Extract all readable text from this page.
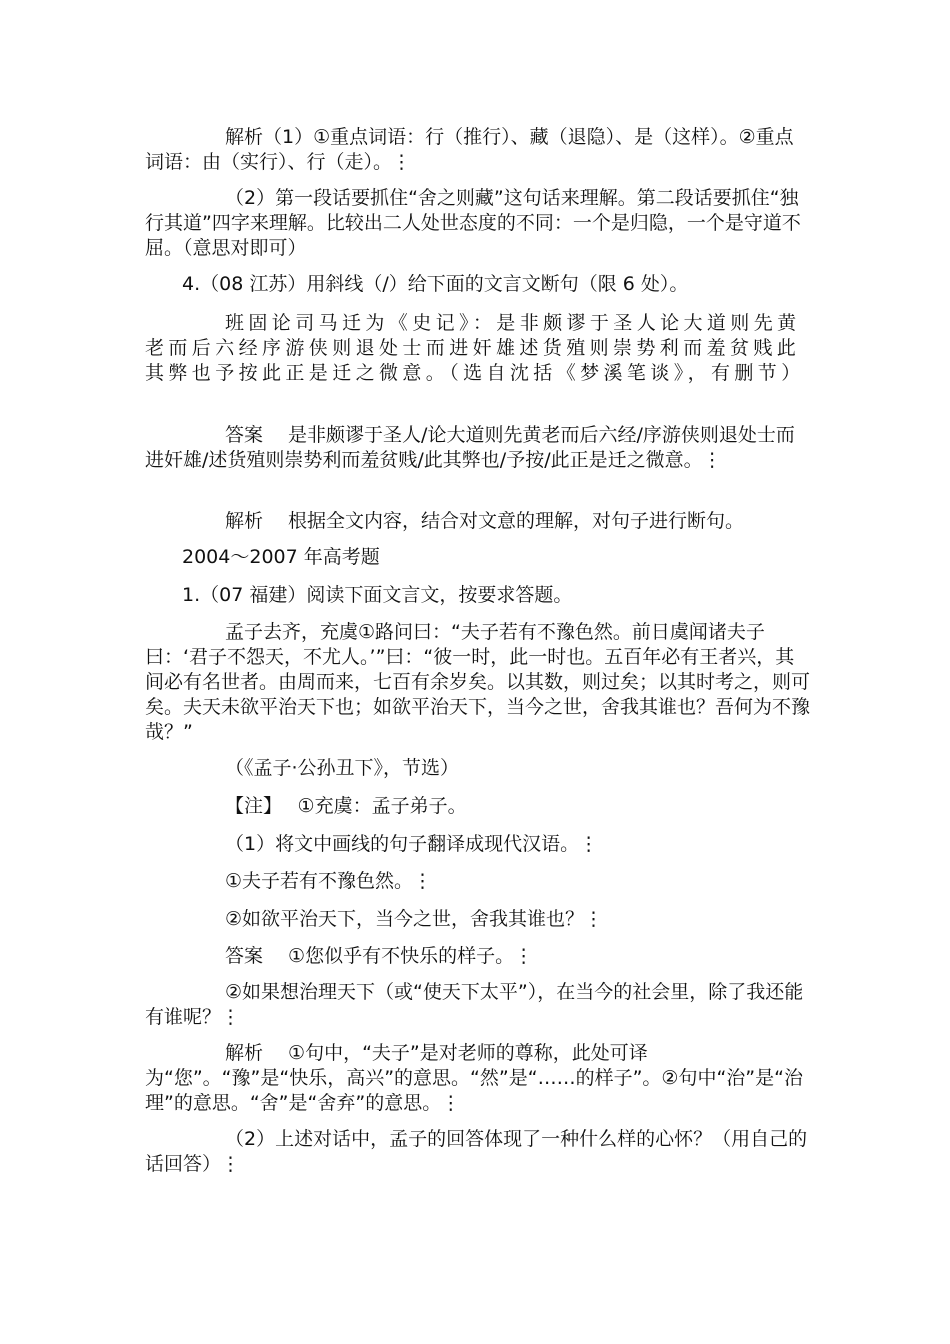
解析（1）①重点词语：行（推行）、藏（退隐）、是（这样）。②重点词语：由（实行）、行（走）。⋮

（2）第一段话要抓住“舍之则藏”这句话来理解。第二段话要抓住“独行其道”四字来理解。比较出二人处世态度的不同：一个是归隐，一个是守道不屈。（意思对即可）

4.（08 江苏）用斜线（/）给下面的文言文断句（限 6 处）。

班固论司马迁为《史记》：是非颇谬于圣人论大道则先黄老而后六经序游侠则退处士而进奸雄述货殖则崇势利而羞贫贱此其弊也予按此正是迁之微意。（选自沈括《梦溪笔谈》，有删节）

答案　 是非颇谬于圣人/论大道则先黄老而后六经/序游侠则退处士而进奸雄/述货殖则崇势利而羞贫贱/此其弊也/予按/此正是迁之微意。⋮

解析　 根据全文内容，结合对文意的理解，对句子进行断句。

2004～2007 年高考题

1.（07 福建）阅读下面文言文，按要求答题。

孟子去齐，充虞①路问曰：“夫子若有不豫色然。前日虞闻诸夫子曰：‘君子不怨天，不尤人。’”曰：“彼一时，此一时也。五百年必有王者兴，其间必有名世者。由周而来，七百有余岁矣。以其数，则过矣；以其时考之，则可矣。夫天未欲平治天下也；如欲平治天下，当今之世，舍我其谁也？吾何为不豫哉？”

（《孟子·公孙丑下》，节选）

【注】　 ①充虞：孟子弟子。

（1）将文中画线的句子翻译成现代汉语。⋮

①夫子若有不豫色然。⋮

②如欲平治天下，当今之世，舍我其谁也？⋮

答案　 ①您似乎有不快乐的样子。⋮

②如果想治理天下（或“使天下太平”），在当今的社会里，除了我还能有谁呢？⋮

解析　 ①句中，“夫子”是对老师的尊称，此处可译为“您”。“豫”是“快乐，高兴”的意思。“然”是“……的样子”。②句中“治”是“治理”的意思。“舍”是“舍弃”的意思。⋮

（2）上述对话中，孟子的回答体现了一种什么样的心怀？（用自己的话回答）⋮
